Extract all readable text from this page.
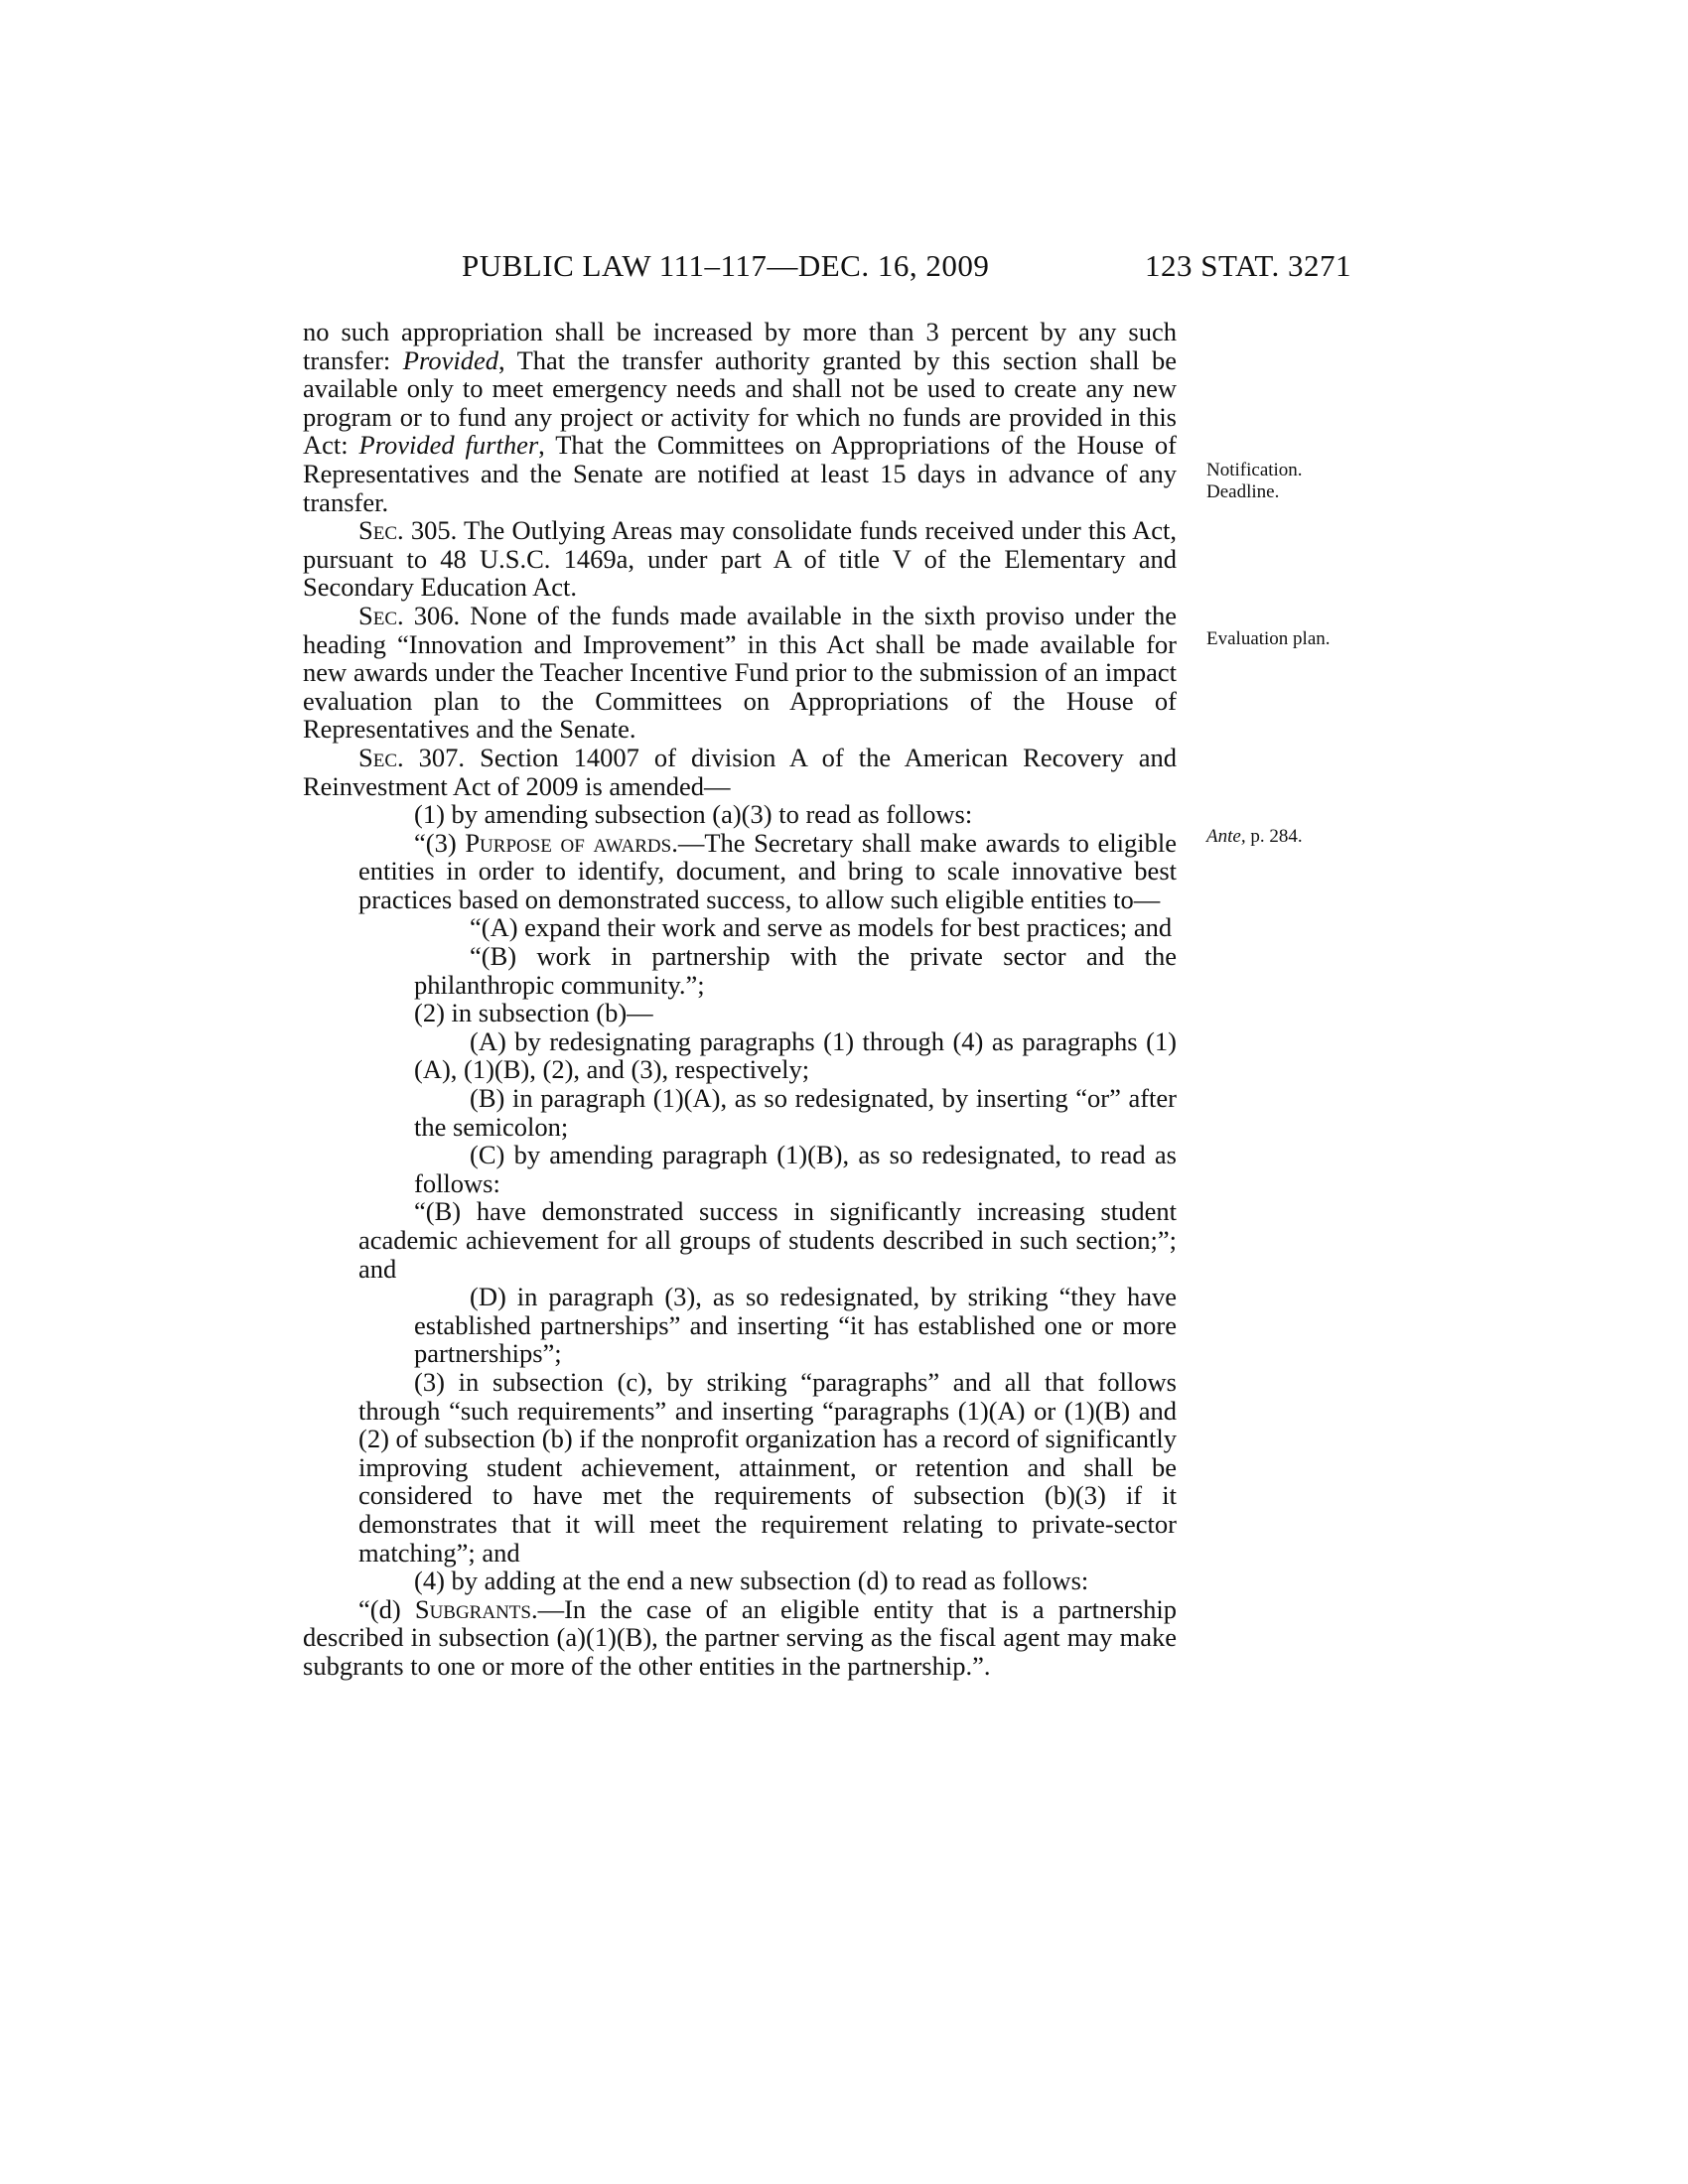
PUBLIC LAW 111–117—DEC. 16, 2009	123 STAT. 3271
Notification.
Deadline.
Evaluation plan.
Ante, p. 284.

no such appropriation shall be increased by more than 3 percent by any such transfer: Provided, That the transfer authority granted by this section shall be available only to meet emergency needs and shall not be used to create any new program or to fund any project or activity for which no funds are provided in this Act: Provided further, That the Committees on Appropriations of the House of Representatives and the Senate are notified at least 15 days in advance of any transfer.

Sec. 305. The Outlying Areas may consolidate funds received under this Act, pursuant to 48 U.S.C. 1469a, under part A of title V of the Elementary and Secondary Education Act.

Sec. 306. None of the funds made available in the sixth proviso under the heading “Innovation and Improvement” in this Act shall be made available for new awards under the Teacher Incentive Fund prior to the submission of an impact evaluation plan to the Committees on Appropriations of the House of Representatives and the Senate.

Sec. 307. Section 14007 of division A of the American Recovery and Reinvestment Act of 2009 is amended—

(1) by amending subsection (a)(3) to read as follows:

“(3) Purpose of awards.—The Secretary shall make awards to eligible entities in order to identify, document, and bring to scale innovative best practices based on demonstrated success, to allow such eligible entities to—

“(A) expand their work and serve as models for best practices; and

“(B) work in partnership with the private sector and the philanthropic community.”;

(2) in subsection (b)—

(A) by redesignating paragraphs (1) through (4) as paragraphs (1)(A), (1)(B), (2), and (3), respectively;

(B) in paragraph (1)(A), as so redesignated, by inserting “or” after the semicolon;

(C) by amending paragraph (1)(B), as so redesignated, to read as follows:

“(B) have demonstrated success in significantly increasing student academic achievement for all groups of students described in such section;”; and

(D) in paragraph (3), as so redesignated, by striking “they have established partnerships” and inserting “it has established one or more partnerships”;

(3) in subsection (c), by striking “paragraphs” and all that follows through “such requirements” and inserting “paragraphs (1)(A) or (1)(B) and (2) of subsection (b) if the nonprofit organization has a record of significantly improving student achievement, attainment, or retention and shall be considered to have met the requirements of subsection (b)(3) if it demonstrates that it will meet the requirement relating to private-sector matching”; and

(4) by adding at the end a new subsection (d) to read as follows:

“(d) Subgrants.—In the case of an eligible entity that is a partnership described in subsection (a)(1)(B), the partner serving as the fiscal agent may make subgrants to one or more of the other entities in the partnership.”.
